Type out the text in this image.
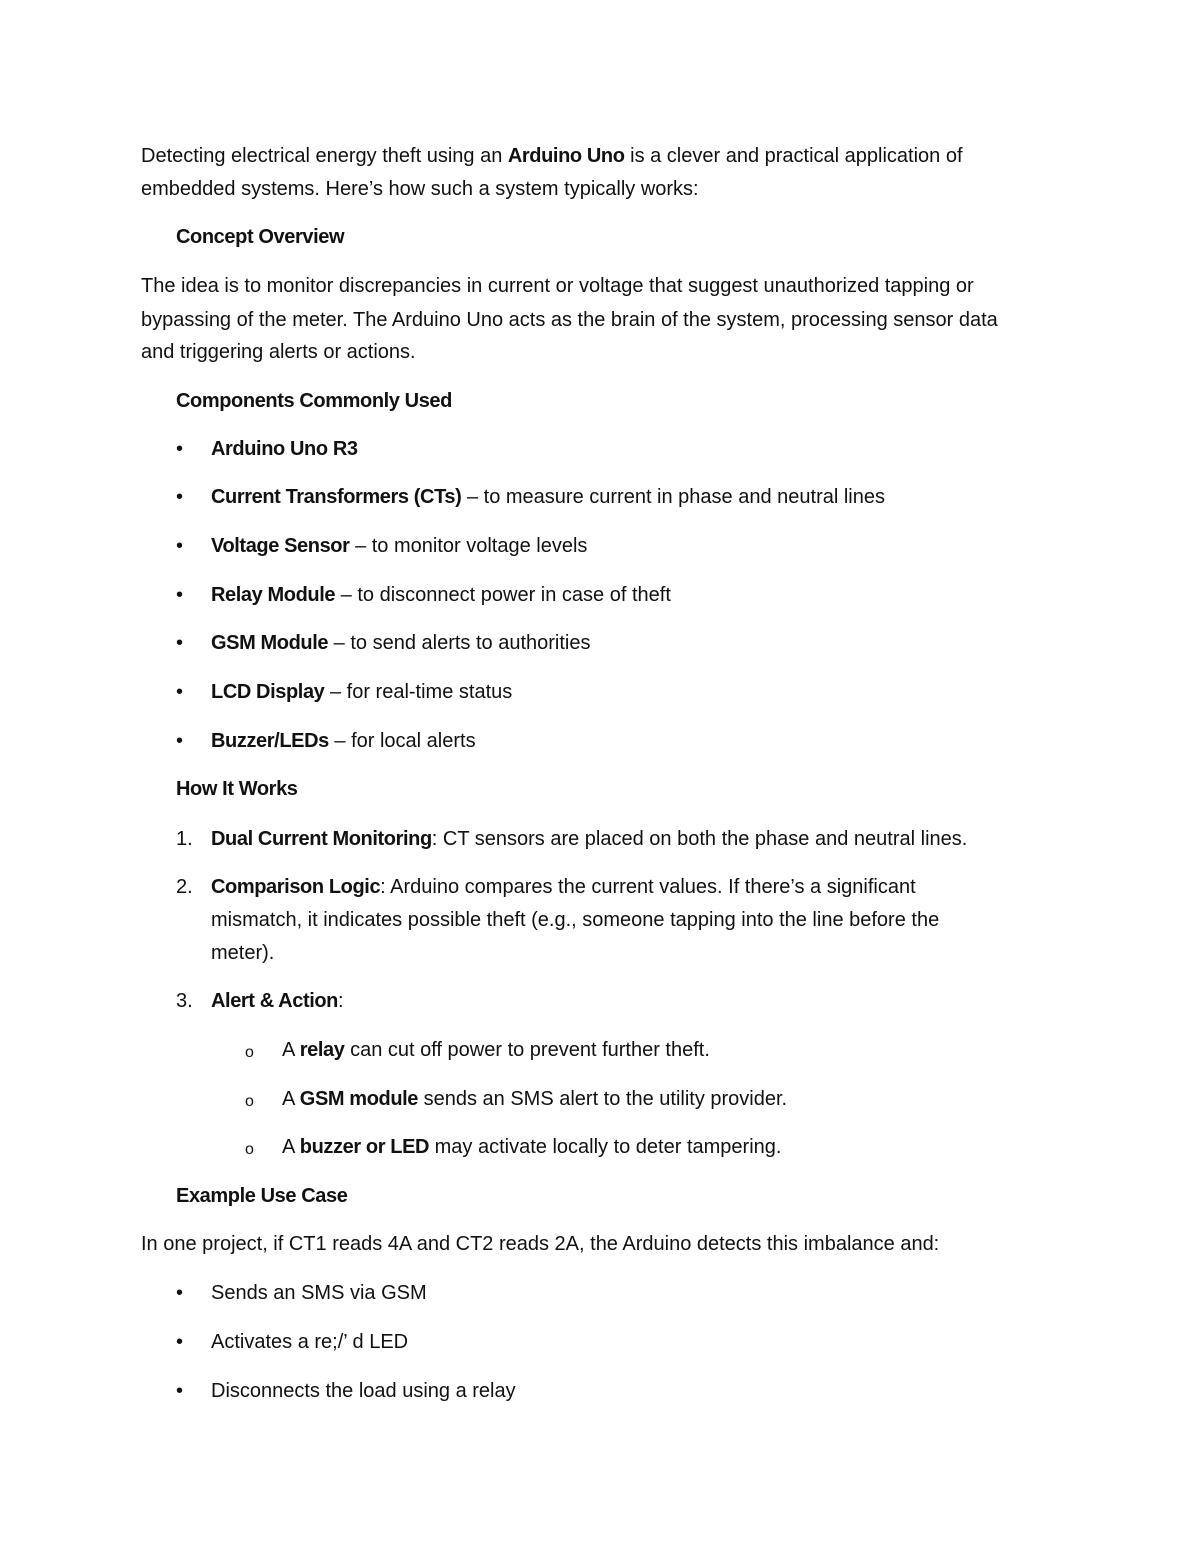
Detecting electrical energy theft using an Arduino Uno is a clever and practical application of
embedded systems. Here’s how such a system typically works:
Concept Overview
The idea is to monitor discrepancies in current or voltage that suggest unauthorized tapping or
bypassing of the meter. The Arduino Uno acts as the brain of the system, processing sensor data
and triggering alerts or actions.
Components Commonly Used
•	Arduino Uno R3
•	Current Transformers (CTs) – to measure current in phase and neutral lines
•	Voltage Sensor – to monitor voltage levels
•	Relay Module – to disconnect power in case of theft
•	GSM Module – to send alerts to authorities
•	LCD Display – for real-time status
•	Buzzer/LEDs – for local alerts
How It Works
1. Dual Current Monitoring: CT sensors are placed on both the phase and neutral lines.
2. Comparison Logic: Arduino compares the current values. If there’s a significant
mismatch, it indicates possible theft (e.g., someone tapping into the line before the
meter).
3. Alert & Action:
o A relay can cut off power to prevent further theft.
o A GSM module sends an SMS alert to the utility provider.
o A buzzer or LED may activate locally to deter tampering.
Example Use Case
In one project, if CT1 reads 4A and CT2 reads 2A, the Arduino detects this imbalance and:
•	Sends an SMS via GSM
•	Activates a re;/’ d LED
•	Disconnects the load using a relay
